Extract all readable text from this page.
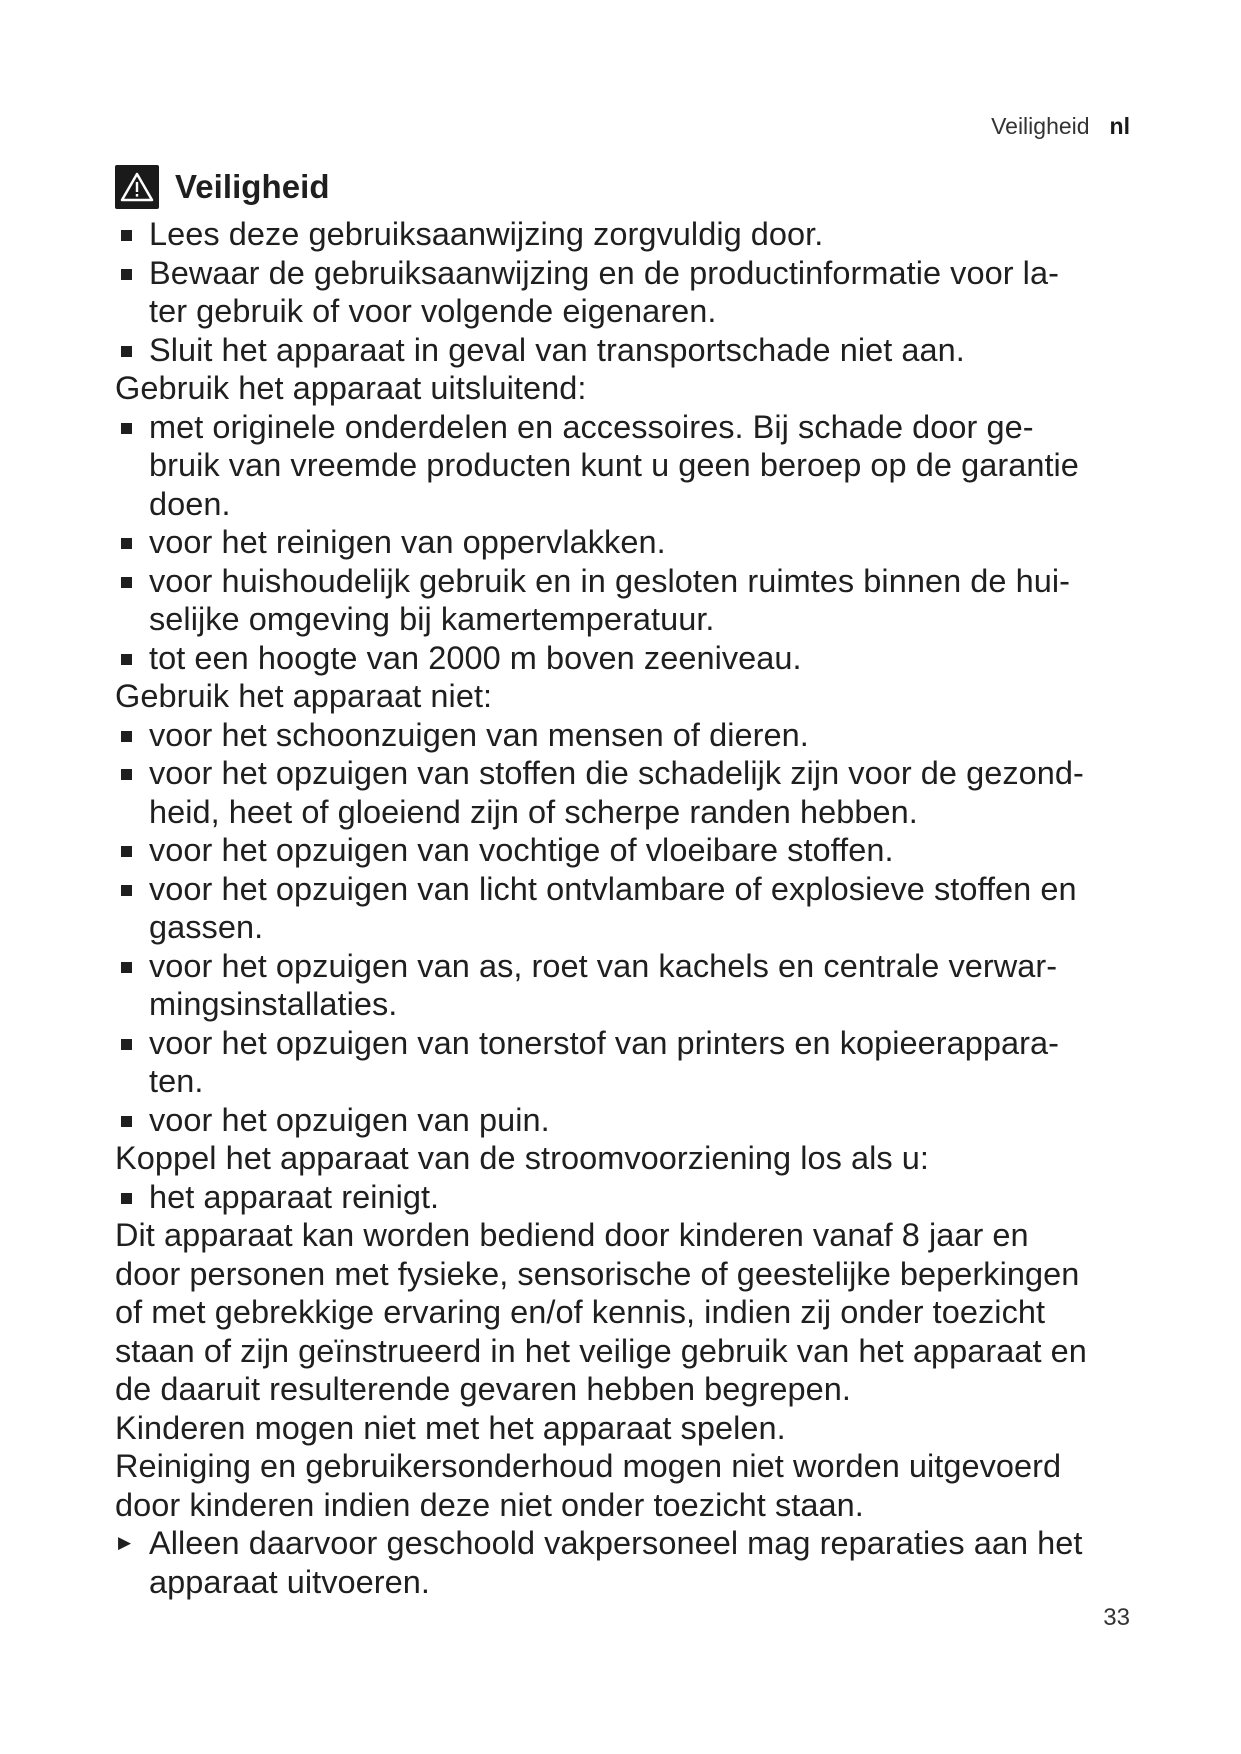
Veiligheid nl
Veiligheid
Lees deze gebruiksaanwijzing zorgvuldig door.
Bewaar de gebruiksaanwijzing en de productinformatie voor la-
ter gebruik of voor volgende eigenaren.
Sluit het apparaat in geval van transportschade niet aan.

Gebruik het apparaat uitsluitend:

met originele onderdelen en accessoires. Bij schade door ge-
bruik van vreemde producten kunt u geen beroep op de garantie
doen.
voor het reinigen van oppervlakken.
voor huishoudelijk gebruik en in gesloten ruimtes binnen de hui-
selijke omgeving bij kamertemperatuur.
tot een hoogte van 2000 m boven zeeniveau.

Gebruik het apparaat niet:

voor het schoonzuigen van mensen of dieren.
voor het opzuigen van stoffen die schadelijk zijn voor de gezond-
heid, heet of gloeiend zijn of scherpe randen hebben.
voor het opzuigen van vochtige of vloeibare stoffen.
voor het opzuigen van licht ontvlambare of explosieve stoffen en
gassen.
voor het opzuigen van as, roet van kachels en centrale verwar-
mingsinstallaties.
voor het opzuigen van tonerstof van printers en kopieerappara-
ten.
voor het opzuigen van puin.

Koppel het apparaat van de stroomvoorziening los als u:

het apparaat reinigt.

Dit apparaat kan worden bediend door kinderen vanaf 8 jaar en
door personen met fysieke, sensorische of geestelijke beperkingen
of met gebrekkige ervaring en/of kennis, indien zij onder toezicht
staan of zijn geïnstrueerd in het veilige gebruik van het apparaat en
de daaruit resulterende gevaren hebben begrepen.

Kinderen mogen niet met het apparaat spelen.

Reiniging en gebruikersonderhoud mogen niet worden uitgevoerd
door kinderen indien deze niet onder toezicht staan.

▶ Alleen daarvoor geschoold vakpersoneel mag reparaties aan het
apparaat uitvoeren.

33
